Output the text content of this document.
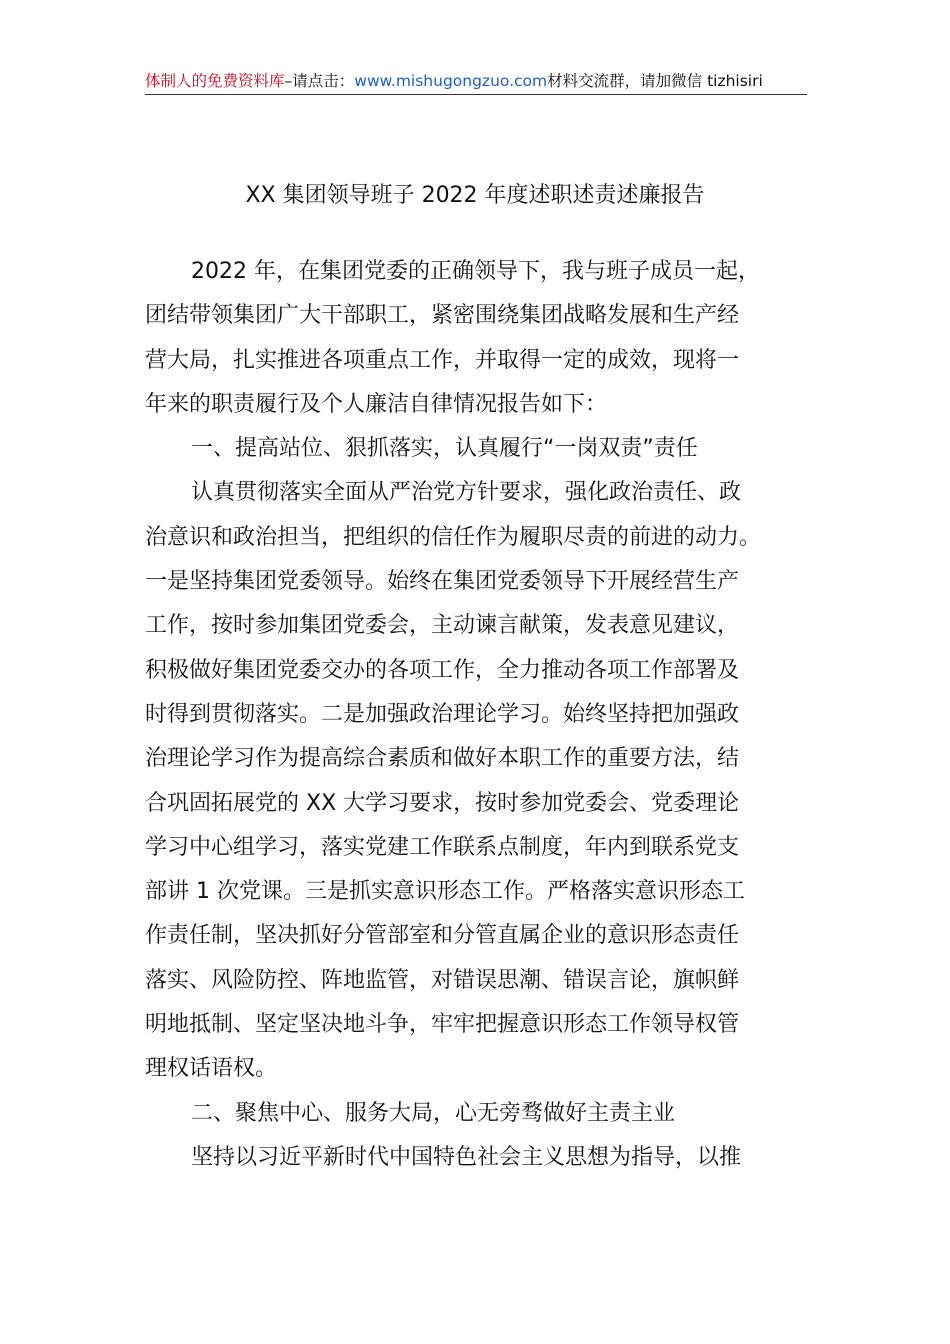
体制人的免费资料库–请点击：www.mishugongzuo.com材料交流群，请加微信 tizhisiri
XX 集团领导班子 2022 年度述职述责述廉报告
2022 年，在集团党委的正确领导下，我与班子成员一起，
团结带领集团广大干部职工，紧密围绕集团战略发展和生产经
营大局，扎实推进各项重点工作，并取得一定的成效，现将一
年来的职责履行及个人廉洁自律情况报告如下：
一、提高站位、狠抓落实，认真履行“一岗双责”责任
认真贯彻落实全面从严治党方针要求，强化政治责任、政
治意识和政治担当，把组织的信任作为履职尽责的前进的动力。
一是坚持集团党委领导。始终在集团党委领导下开展经营生产
工作，按时参加集团党委会，主动谏言献策，发表意见建议，
积极做好集团党委交办的各项工作，全力推动各项工作部署及
时得到贯彻落实。二是加强政治理论学习。始终坚持把加强政
治理论学习作为提高综合素质和做好本职工作的重要方法，结
合巩固拓展党的 XX 大学习要求，按时参加党委会、党委理论
学习中心组学习，落实党建工作联系点制度，年内到联系党支
部讲 1 次党课。三是抓实意识形态工作。严格落实意识形态工
作责任制，坚决抓好分管部室和分管直属企业的意识形态责任
落实、风险防控、阵地监管，对错误思潮、错误言论，旗帜鲜
明地抵制、坚定坚决地斗争，牢牢把握意识形态工作领导权管
理权话语权。
二、聚焦中心、服务大局，心无旁骛做好主责主业
坚持以习近平新时代中国特色社会主义思想为指导，以推
